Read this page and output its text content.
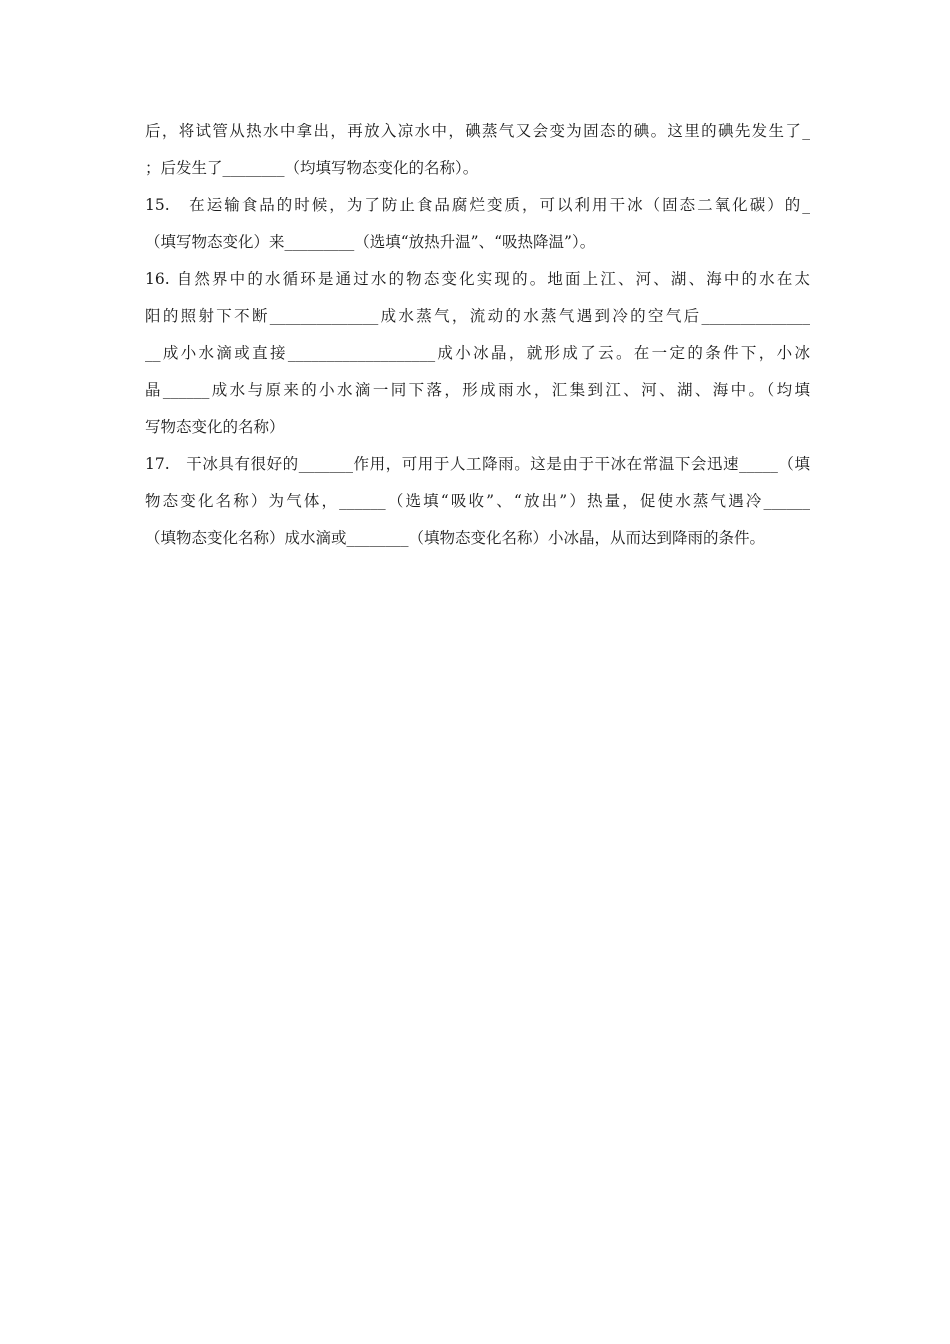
后，将试管从热水中拿出，再放入凉水中，碘蒸气又会变为固态的碘。这里的碘先发生了_
；后发生了________（均填写物态变化的名称）。
15.　在运输食品的时候，为了防止食品腐烂变质，可以利用干冰（固态二氧化碳）的_
（填写物态变化）来_________（选填“放热升温”、“吸热降温”）。
16. 自然界中的水循环是通过水的物态变化实现的。地面上江、河、湖、海中的水在太
阳的照射下不断______________成水蒸气，流动的水蒸气遇到冷的空气后______________
__成小水滴或直接___________________成小冰晶，就形成了云。在一定的条件下，小冰
晶______成水与原来的小水滴一同下落，形成雨水，汇集到江、河、湖、海中。（均填
写物态变化的名称）
17.　干冰具有很好的_______作用，可用于人工降雨。这是由于干冰在常温下会迅速_____（填
物态变化名称）为气体，______（选填“吸收”、“放出”）热量，促使水蒸气遇冷______
（填物态变化名称）成水滴或________（填物态变化名称）小冰晶，从而达到降雨的条件。
